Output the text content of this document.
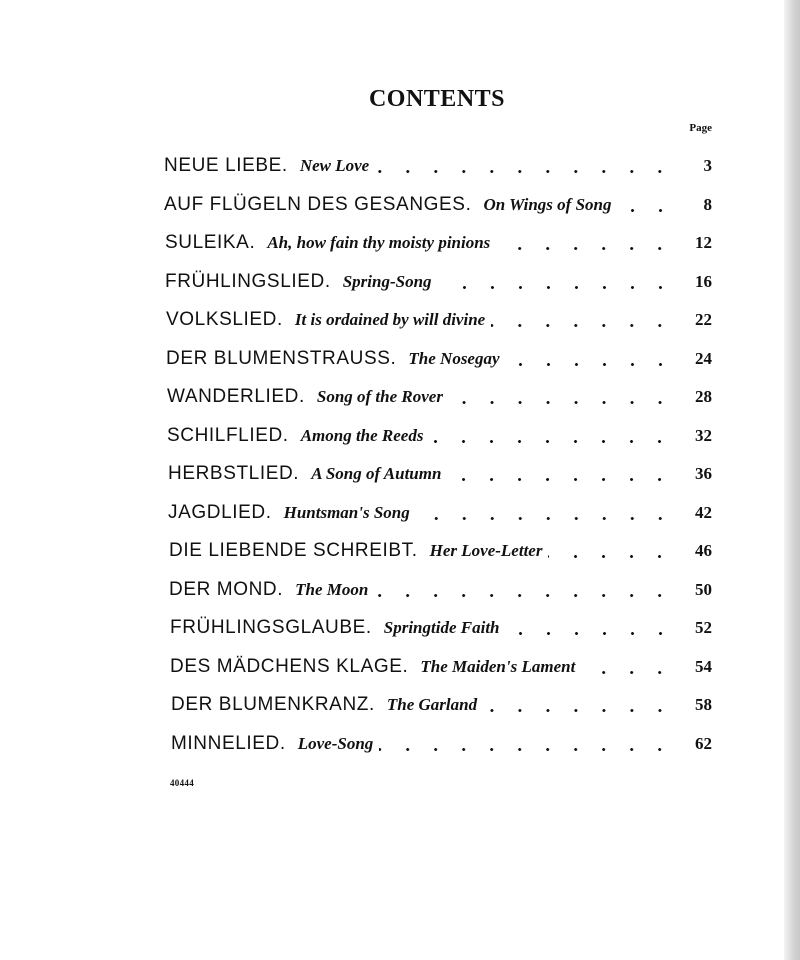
CONTENTS
Page
NEUE LIEBE. New Love	3
AUF FLÜGELN DES GESANGES. On Wings of Song	8
SULEIKA. Ah, how fain thy moisty pinions	12
FRÜHLINGSLIED. Spring-Song	16
VOLKSLIED. It is ordained by will divine	22
DER BLUMENSTRAUSS. The Nosegay	24
WANDERLIED. Song of the Rover	28
SCHILFLIED. Among the Reeds	32
HERBSTLIED. A Song of Autumn	36
JAGDLIED. Huntsman's Song	42
DIE LIEBENDE SCHREIBT. Her Love-Letter	46
DER MOND. The Moon	50
FRÜHLINGSGLAUBE. Springtide Faith	52
DES MÄDCHENS KLAGE. The Maiden's Lament	54
DER BLUMENKRANZ. The Garland	58
MINNELIED. Love-Song	62
40444
